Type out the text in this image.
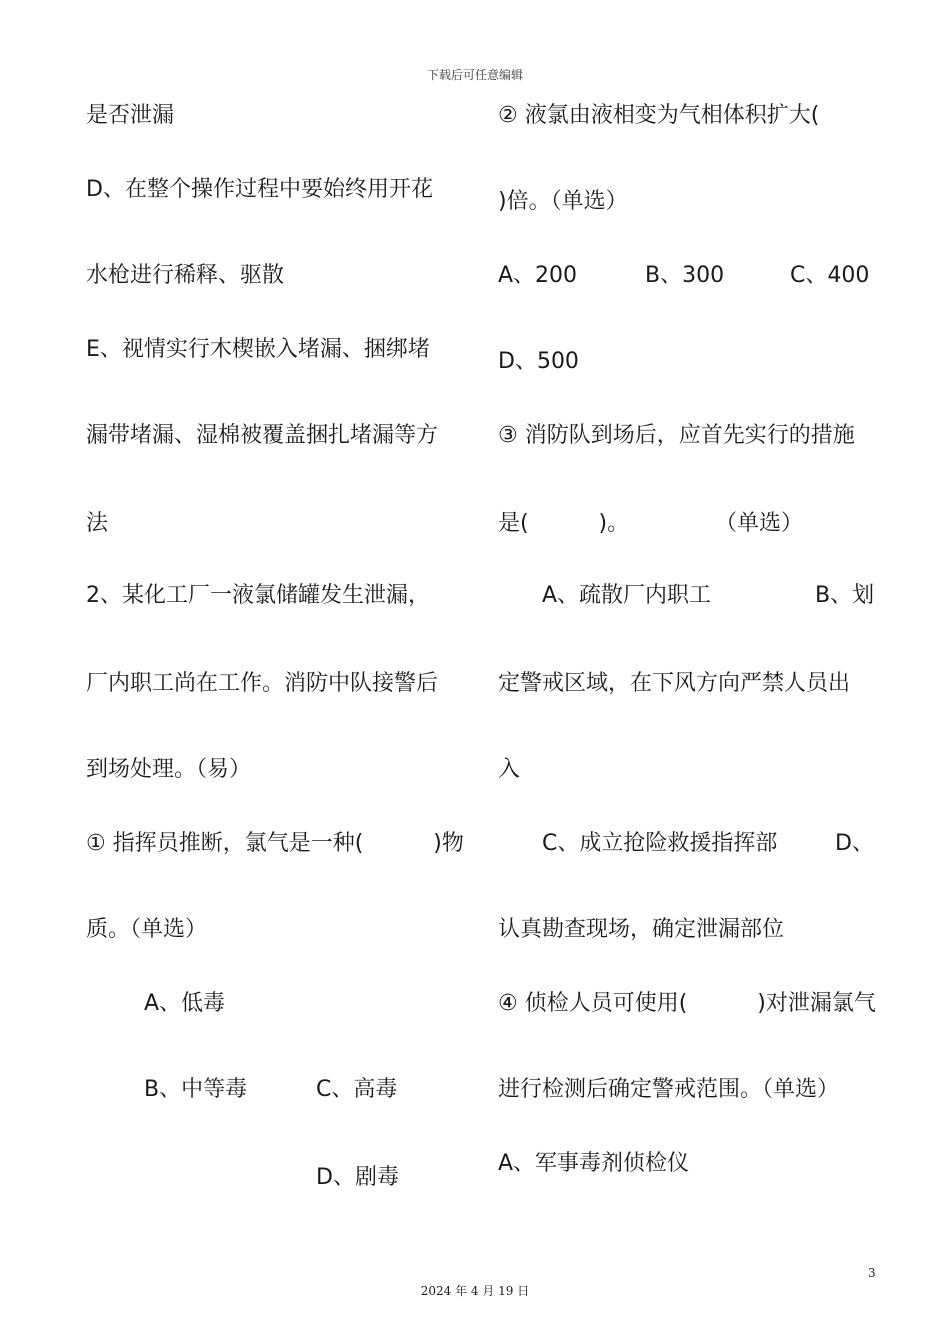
下载后可任意编辑
是否泄漏
D、在整个操作过程中要始终用开花
水枪进行稀释、驱散
E、视情实行木楔嵌入堵漏、捆绑堵
漏带堵漏、湿棉被覆盖捆扎堵漏等方
法
2、某化工厂一液氯储罐发生泄漏，
厂内职工尚在工作。消防中队接警后
到场处理。（易）
① 指挥员推断，氯气是一种(          )物
质。（单选）
A、低毒
B、中等毒	C、高毒
D、剧毒
② 液氯由液相变为气相体积扩大(
)倍。（单选）
A、200	B、300	C、400
D、500
③ 消防队到场后，应首先实行的措施
是(          )。	（单选）
A、疏散厂内职工	B、划
定警戒区域，在下风方向严禁人员出
入
C、成立抢险救援指挥部	D、
认真勘查现场，确定泄漏部位
④ 侦检人员可使用(          )对泄漏氯气
进行检测后确定警戒范围。（单选）
A、军事毒剂侦检仪
3
2024 年 4 月 19 日
